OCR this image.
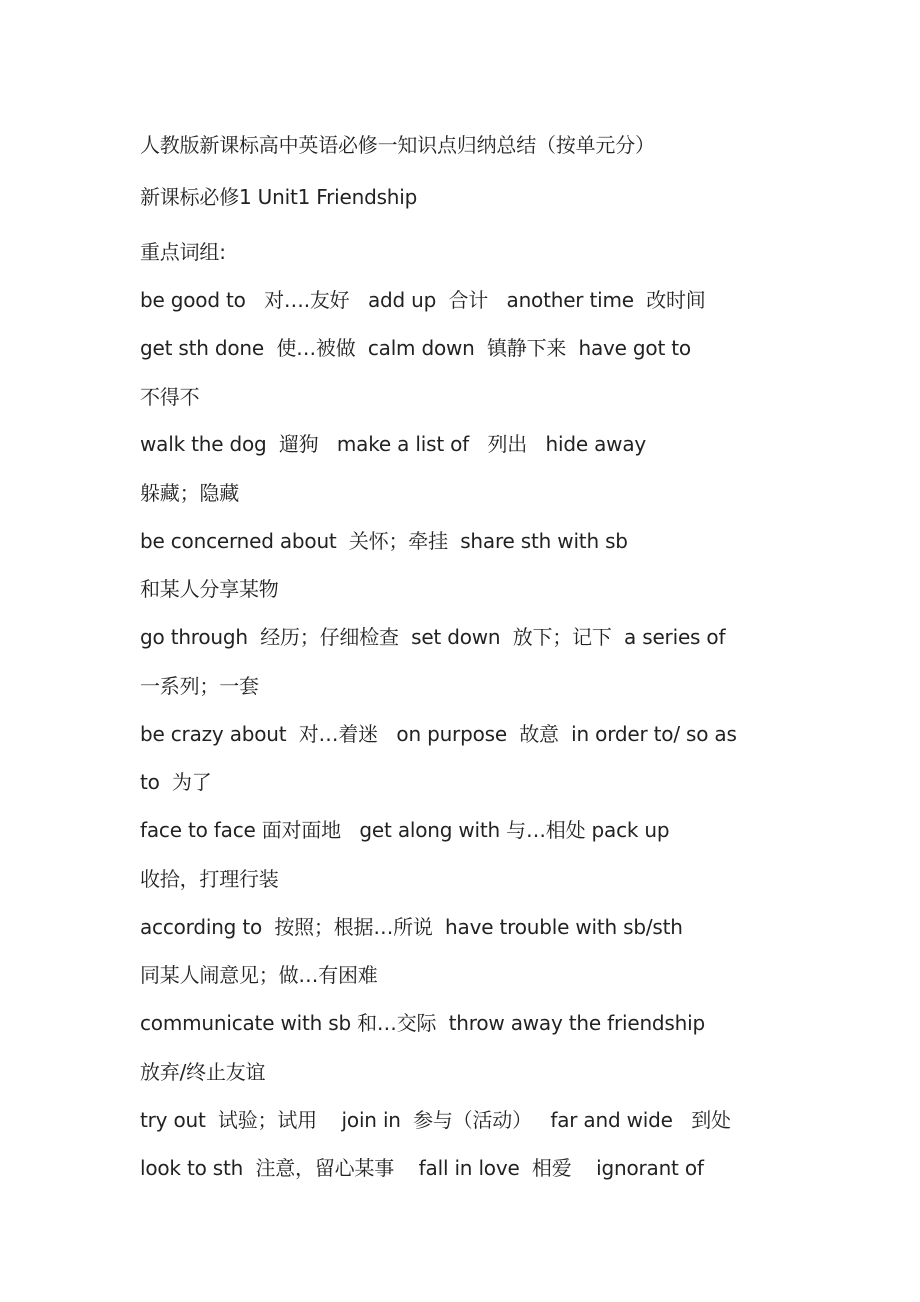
人教版新课标高中英语必修一知识点归纳总结（按单元分）
新课标必修1 Unit1 Friendship
重点词组:
be good to   对….友好   add up  合计   another time  改时间
get sth done  使…被做  calm down  镇静下来  have got to
不得不
walk the dog  遛狗   make a list of   列出   hide away
躲藏；隐藏
be concerned about  关怀；牵挂  share sth with sb
和某人分享某物
go through  经历；仔细检查  set down  放下；记下  a series of
一系列；一套
be crazy about  对…着迷   on purpose  故意  in order to/ so as
to  为了
face to face 面对面地   get along with 与…相处 pack up
收拾，打理行装
according to  按照；根据…所说  have trouble with sb/sth
同某人闹意见；做…有困难
communicate with sb 和…交际  throw away the friendship
放弃/终止友谊
try out  试验；试用    join in  参与（活动）   far and wide   到处
look to sth  注意，留心某事    fall in love  相爱    ignorant of
